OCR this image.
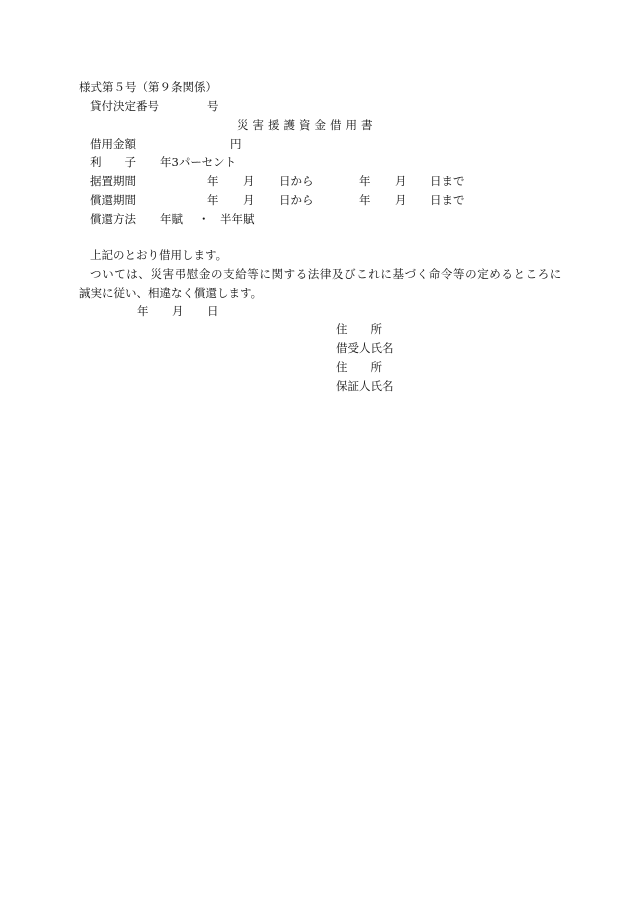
様式第５号（第９条関係）
貸付決定番号	号
災害援護資金借用書
借用金額	円
利　　子 年3パーセント
据置期間	年 月 日から	年 月 日まで
償還期間	年 月 日から	年 月 日まで
償還方法 年賦 ・ 半年賦
上記のとおり借用します。
ついては、災害弔慰金の支給等に関する法律及びこれに基づく命令等の定めるところに
誠実に従い、相違なく償還します。
年 月 日
住　　所
借受人氏名
住　　所
保証人氏名
